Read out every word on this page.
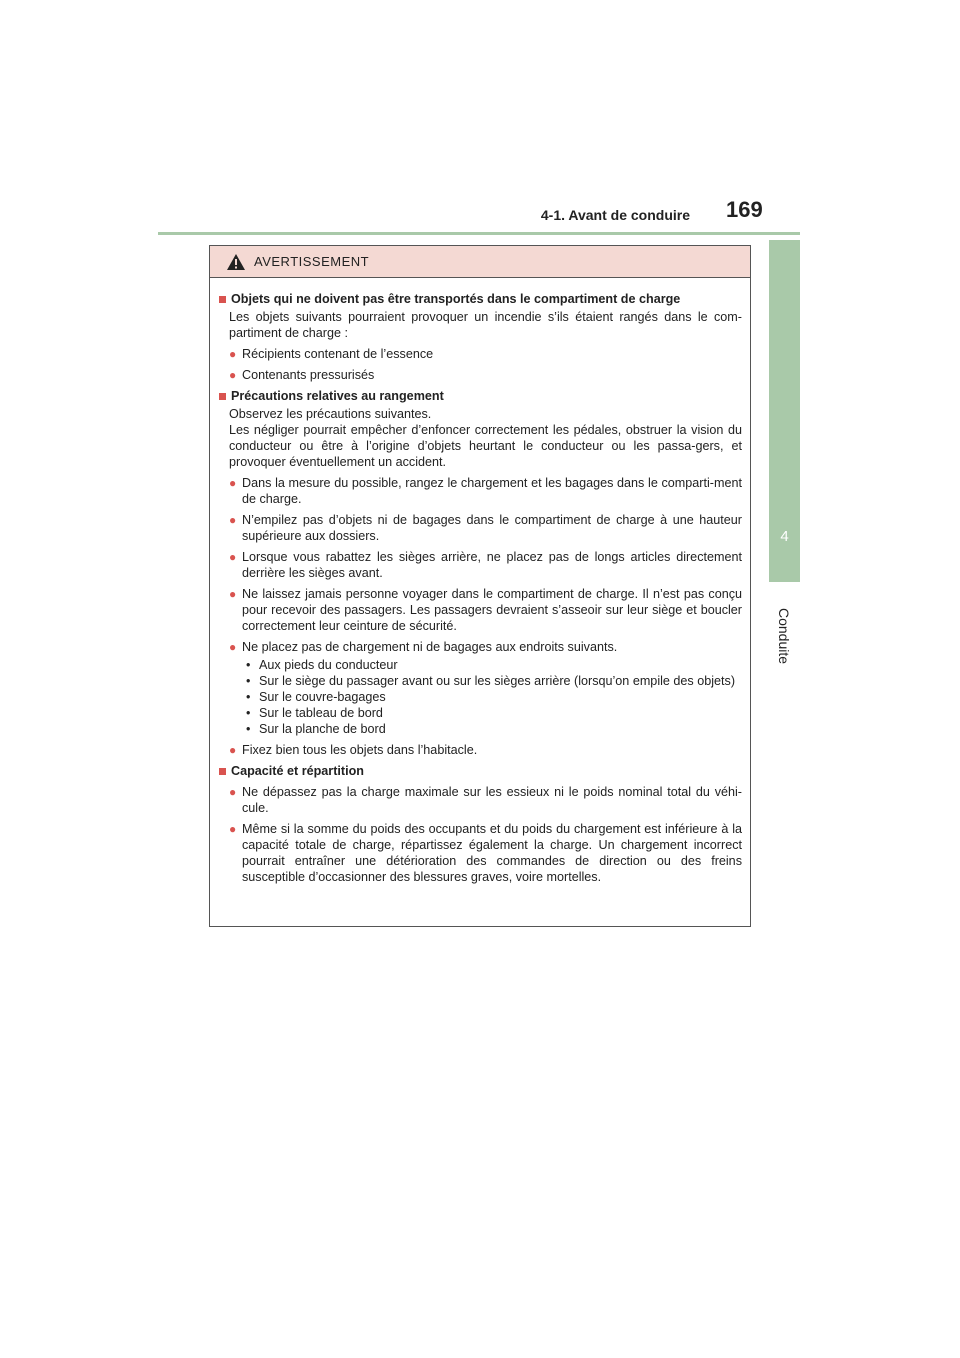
4-1. Avant de conduire 169
4
Conduite
AVERTISSEMENT
Objets qui ne doivent pas être transportés dans le compartiment de charge
Les objets suivants pourraient provoquer un incendie s’ils étaient rangés dans le com-partiment de charge :
● Récipients contenant de l’essence
● Contenants pressurisés
Précautions relatives au rangement
Observez les précautions suivantes.
Les négliger pourrait empêcher d’enfoncer correctement les pédales, obstruer la vision du conducteur ou être à l’origine d’objets heurtant le conducteur ou les passa-gers, et provoquer éventuellement un accident.
● Dans la mesure du possible, rangez le chargement et les bagages dans le comparti-ment de charge.
● N’empilez pas d’objets ni de bagages dans le compartiment de charge à une hauteur supérieure aux dossiers.
● Lorsque vous rabattez les sièges arrière, ne placez pas de longs articles directement derrière les sièges avant.
● Ne laissez jamais personne voyager dans le compartiment de charge. Il n’est pas conçu pour recevoir des passagers. Les passagers devraient s’asseoir sur leur siège et boucler correctement leur ceinture de sécurité.
● Ne placez pas de chargement ni de bagages aux endroits suivants.
• Aux pieds du conducteur
• Sur le siège du passager avant ou sur les sièges arrière (lorsqu’on empile des objets)
• Sur le couvre-bagages
• Sur le tableau de bord
• Sur la planche de bord
● Fixez bien tous les objets dans l’habitacle.
Capacité et répartition
● Ne dépassez pas la charge maximale sur les essieux ni le poids nominal total du véhi-cule.
● Même si la somme du poids des occupants et du poids du chargement est inférieure à la capacité totale de charge, répartissez également la charge. Un chargement incorrect pourrait entraîner une détérioration des commandes de direction ou des freins susceptible d’occasionner des blessures graves, voire mortelles.
